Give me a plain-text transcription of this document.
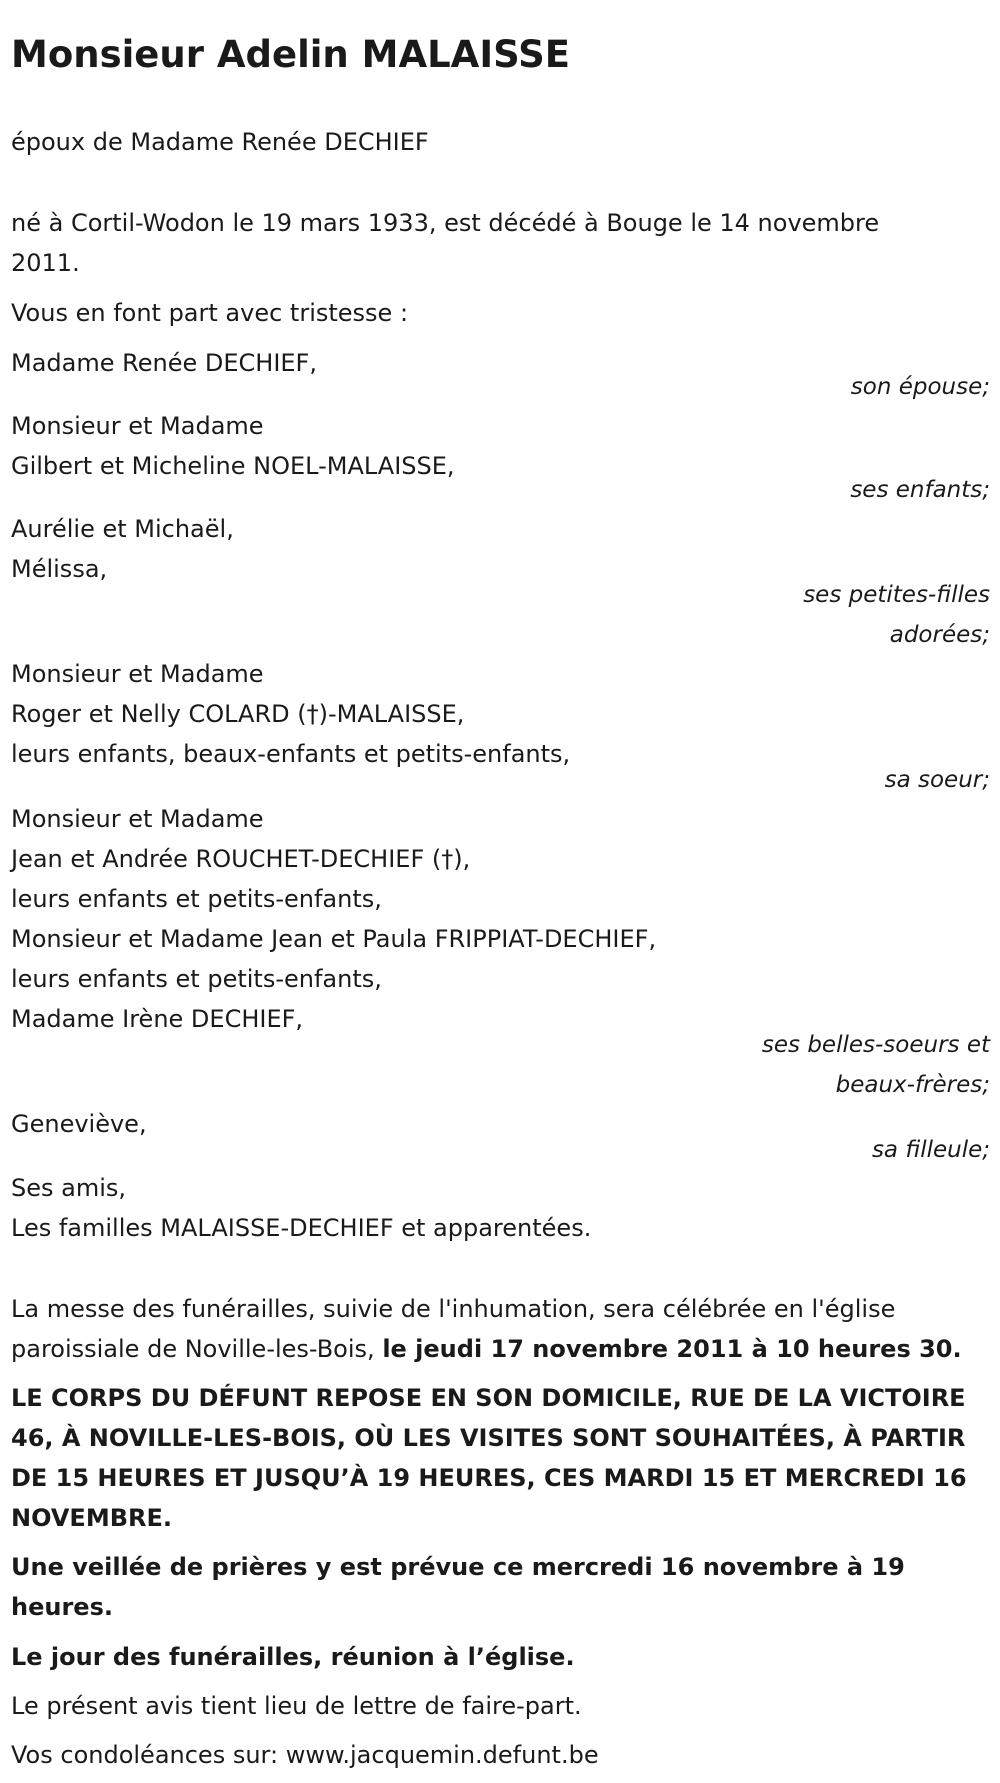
Monsieur Adelin MALAISSE
époux de Madame Renée DECHIEF
né à Cortil-Wodon le 19 mars 1933, est décédé à Bouge le 14 novembre
2011.
Vous en font part avec tristesse :
Madame Renée DECHIEF,
son épouse;
Monsieur et Madame
Gilbert et Micheline NOEL-MALAISSE,
ses enfants;
Aurélie et Michaël,
Mélissa,
ses petites-filles
adorées;
Monsieur et Madame
Roger et Nelly COLARD (†)-MALAISSE,
leurs enfants, beaux-enfants et petits-enfants,
sa soeur;
Monsieur et Madame
Jean et Andrée ROUCHET-DECHIEF (†),
leurs enfants et petits-enfants,
Monsieur et Madame Jean et Paula FRIPPIAT-DECHIEF,
leurs enfants et petits-enfants,
Madame Irène DECHIEF,
ses belles-soeurs et
beaux-frères;
Geneviève,
sa filleule;
Ses amis,
Les familles MALAISSE-DECHIEF et apparentées.
La messe des funérailles, suivie de l'inhumation, sera célébrée en l'église
paroissiale de Noville-les-Bois, le jeudi 17 novembre 2011 à 10 heures 30.
LE CORPS DU DÉFUNT REPOSE EN SON DOMICILE, RUE DE LA VICTOIRE
46, À NOVILLE-LES-BOIS, OÙ LES VISITES SONT SOUHAITÉES, À PARTIR
DE 15 HEURES ET JUSQU’À 19 HEURES, CES MARDI 15 ET MERCREDI 16
NOVEMBRE.
Une veillée de prières y est prévue ce mercredi 16 novembre à 19
heures.
Le jour des funérailles, réunion à l’église.
Le présent avis tient lieu de lettre de faire-part.
Vos condoléances sur: www.jacquemin.defunt.be
